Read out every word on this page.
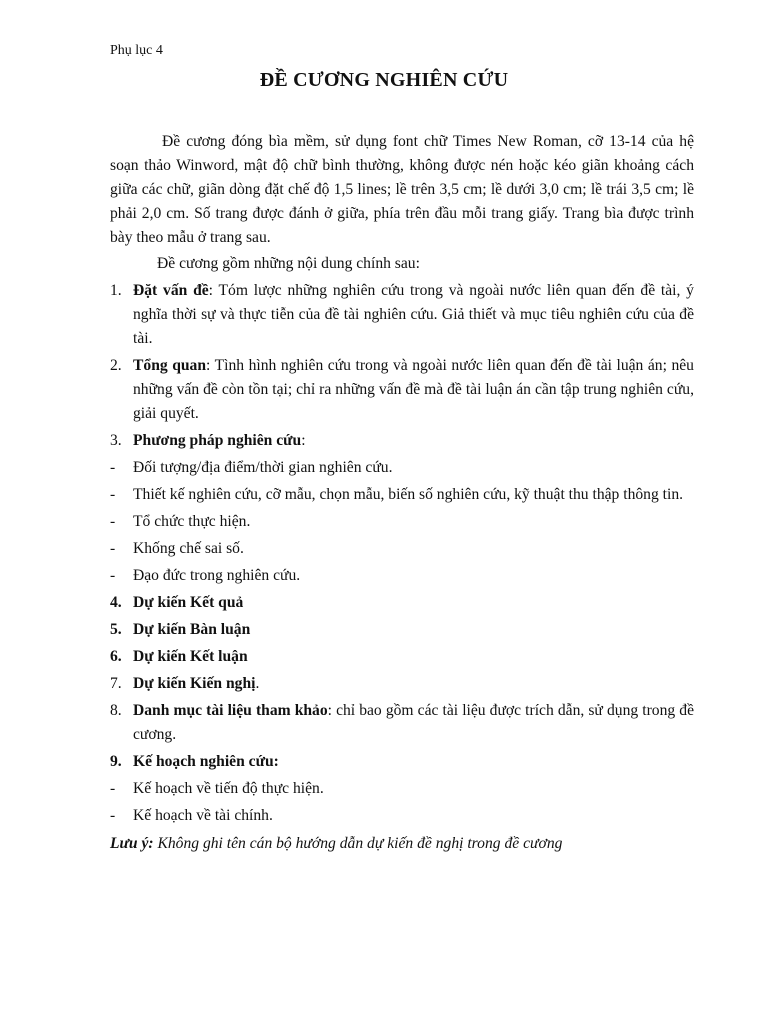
Phụ lục 4
ĐỀ CƯƠNG NGHIÊN CỨU

Đề cương đóng bìa mềm, sử dụng font chữ Times New Roman, cỡ 13-14 của hệ soạn thảo Winword, mật độ chữ bình thường, không được nén hoặc kéo giãn khoảng cách giữa các chữ, giãn dòng đặt chế độ 1,5 lines; lề trên 3,5 cm; lề dưới 3,0 cm; lề trái 3,5 cm; lề phải 2,0 cm. Số trang được đánh ở giữa, phía trên đầu mỗi trang giấy. Trang bìa được trình bày theo mẫu ở trang sau.

Đề cương gồm những nội dung chính sau:

1. Đặt vấn đề: Tóm lược những nghiên cứu trong và ngoài nước liên quan đến đề tài, ý nghĩa thời sự và thực tiễn của đề tài nghiên cứu. Giả thiết và mục tiêu nghiên cứu của đề tài.
2. Tổng quan: Tình hình nghiên cứu trong và ngoài nước liên quan đến đề tài luận án; nêu những vấn đề còn tồn tại; chỉ ra những vấn đề mà đề tài luận án cần tập trung nghiên cứu, giải quyết.
3. Phương pháp nghiên cứu:
-	Đối tượng/địa điểm/thời gian nghiên cứu.
-	Thiết kế nghiên cứu, cỡ mẫu, chọn mẫu, biến số nghiên cứu, kỹ thuật thu thập thông tin.
-	Tổ chức thực hiện.
-	Khống chế sai số.
-	Đạo đức trong nghiên cứu.
4. Dự kiến Kết quả
5. Dự kiến Bàn luận
6. Dự kiến Kết luận
7. Dự kiến Kiến nghị.
8. Danh mục tài liệu tham khảo: chỉ bao gồm các tài liệu được trích dẫn, sử dụng trong đề cương.
9. Kế hoạch nghiên cứu:
-	Kế hoạch về tiến độ thực hiện.
-	Kế hoạch về tài chính.
Lưu ý: Không ghi tên cán bộ hướng dẫn dự kiến đề nghị trong đề cương
